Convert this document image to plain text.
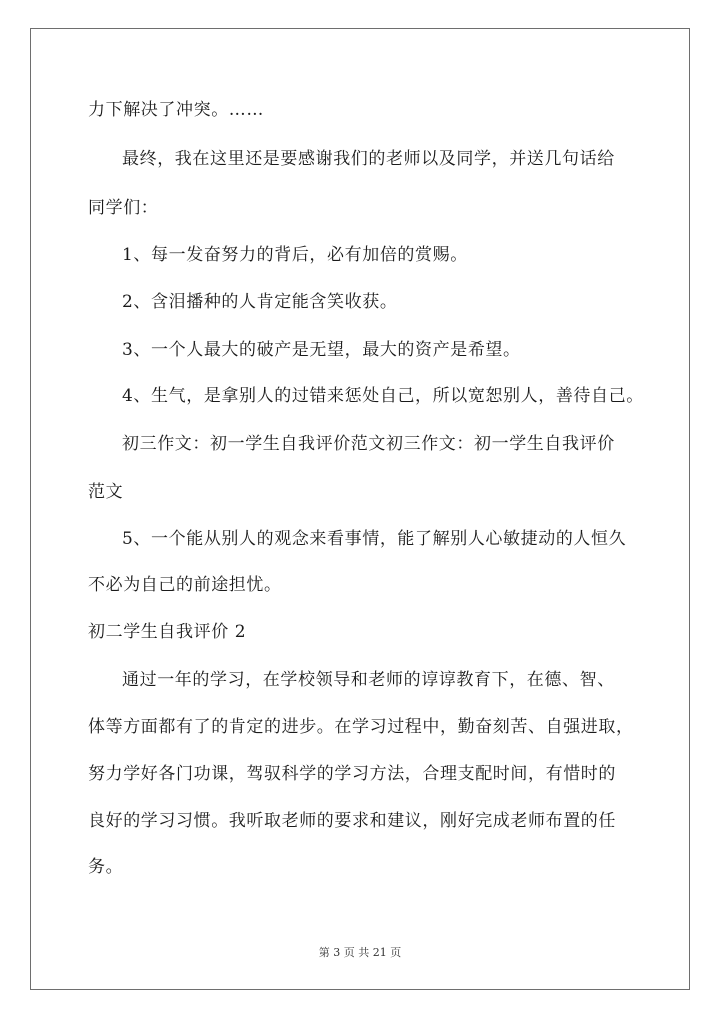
力下解决了冲突。……
最终，我在这里还是要感谢我们的老师以及同学，并送几句话给
同学们：
1、每一发奋努力的背后，必有加倍的赏赐。
2、含泪播种的人肯定能含笑收获。
3、一个人最大的破产是无望，最大的资产是希望。
4、生气，是拿别人的过错来惩处自己，所以宽恕别人，善待自己。
初三作文：初一学生自我评价范文初三作文：初一学生自我评价
范文
5、一个能从别人的观念来看事情，能了解别人心敏捷动的人恒久
不必为自己的前途担忧。
初二学生自我评价 2
通过一年的学习，在学校领导和老师的谆谆教育下，在德、智、
体等方面都有了的肯定的进步。在学习过程中，勤奋刻苦、自强进取，
努力学好各门功课，驾驭科学的学习方法，合理支配时间，有惜时的
良好的学习习惯。我听取老师的要求和建议，刚好完成老师布置的任
务。
第 3 页 共 21 页
